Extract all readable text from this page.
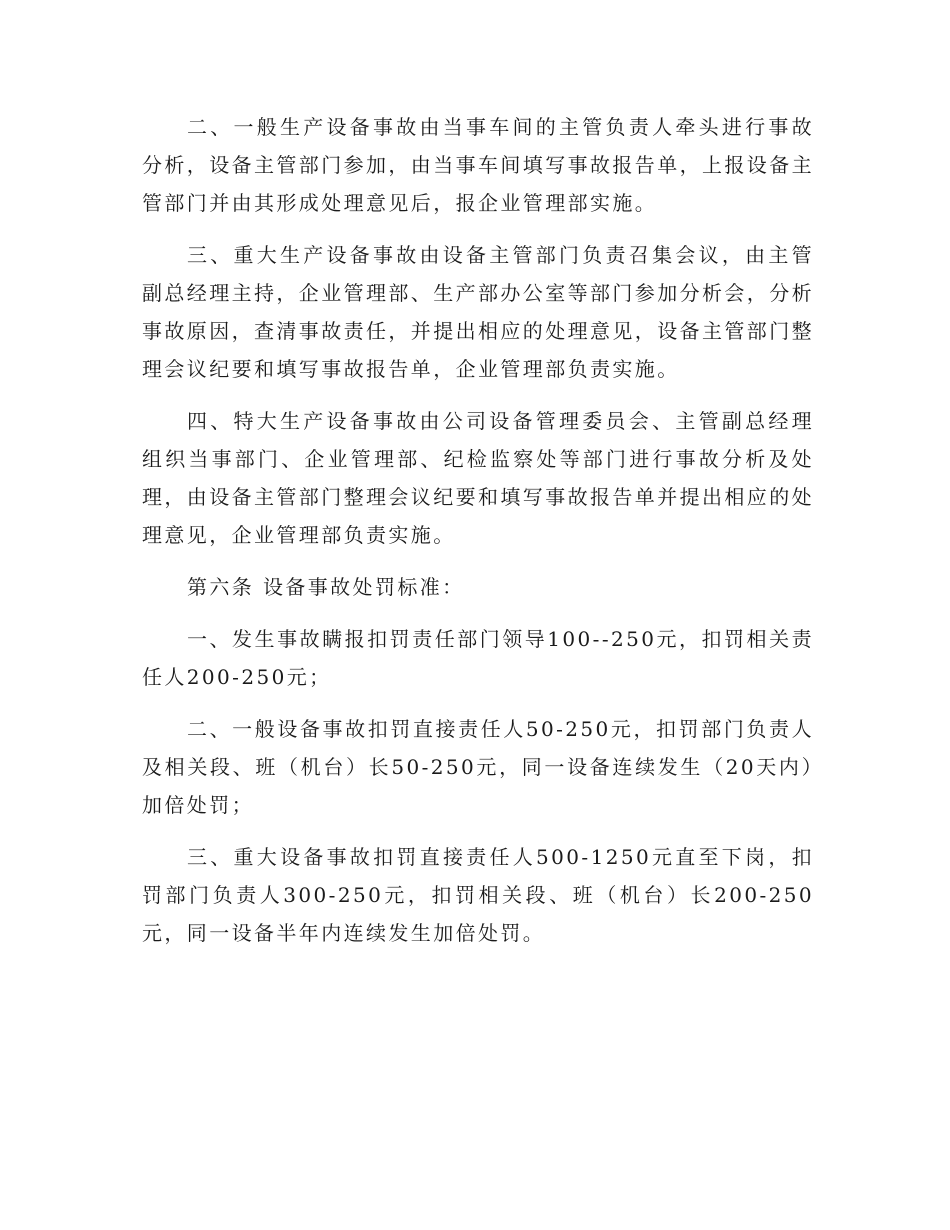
二、一般生产设备事故由当事车间的主管负责人牵头进行事故分析，设备主管部门参加，由当事车间填写事故报告单，上报设备主管部门并由其形成处理意见后，报企业管理部实施。

三、重大生产设备事故由设备主管部门负责召集会议，由主管副总经理主持，企业管理部、生产部办公室等部门参加分析会，分析事故原因，查清事故责任，并提出相应的处理意见，设备主管部门整理会议纪要和填写事故报告单，企业管理部负责实施。

四、特大生产设备事故由公司设备管理委员会、主管副总经理组织当事部门、企业管理部、纪检监察处等部门进行事故分析及处理，由设备主管部门整理会议纪要和填写事故报告单并提出相应的处理意见，企业管理部负责实施。

第六条 设备事故处罚标准：

一、发生事故瞒报扣罚责任部门领导100--250元，扣罚相关责任人200-250元；

二、一般设备事故扣罚直接责任人50-250元，扣罚部门负责人及相关段、班（机台）长50-250元，同一设备连续发生（20天内）加倍处罚；

三、重大设备事故扣罚直接责任人500-1250元直至下岗，扣罚部门负责人300-250元，扣罚相关段、班（机台）长200-250元，同一设备半年内连续发生加倍处罚。
